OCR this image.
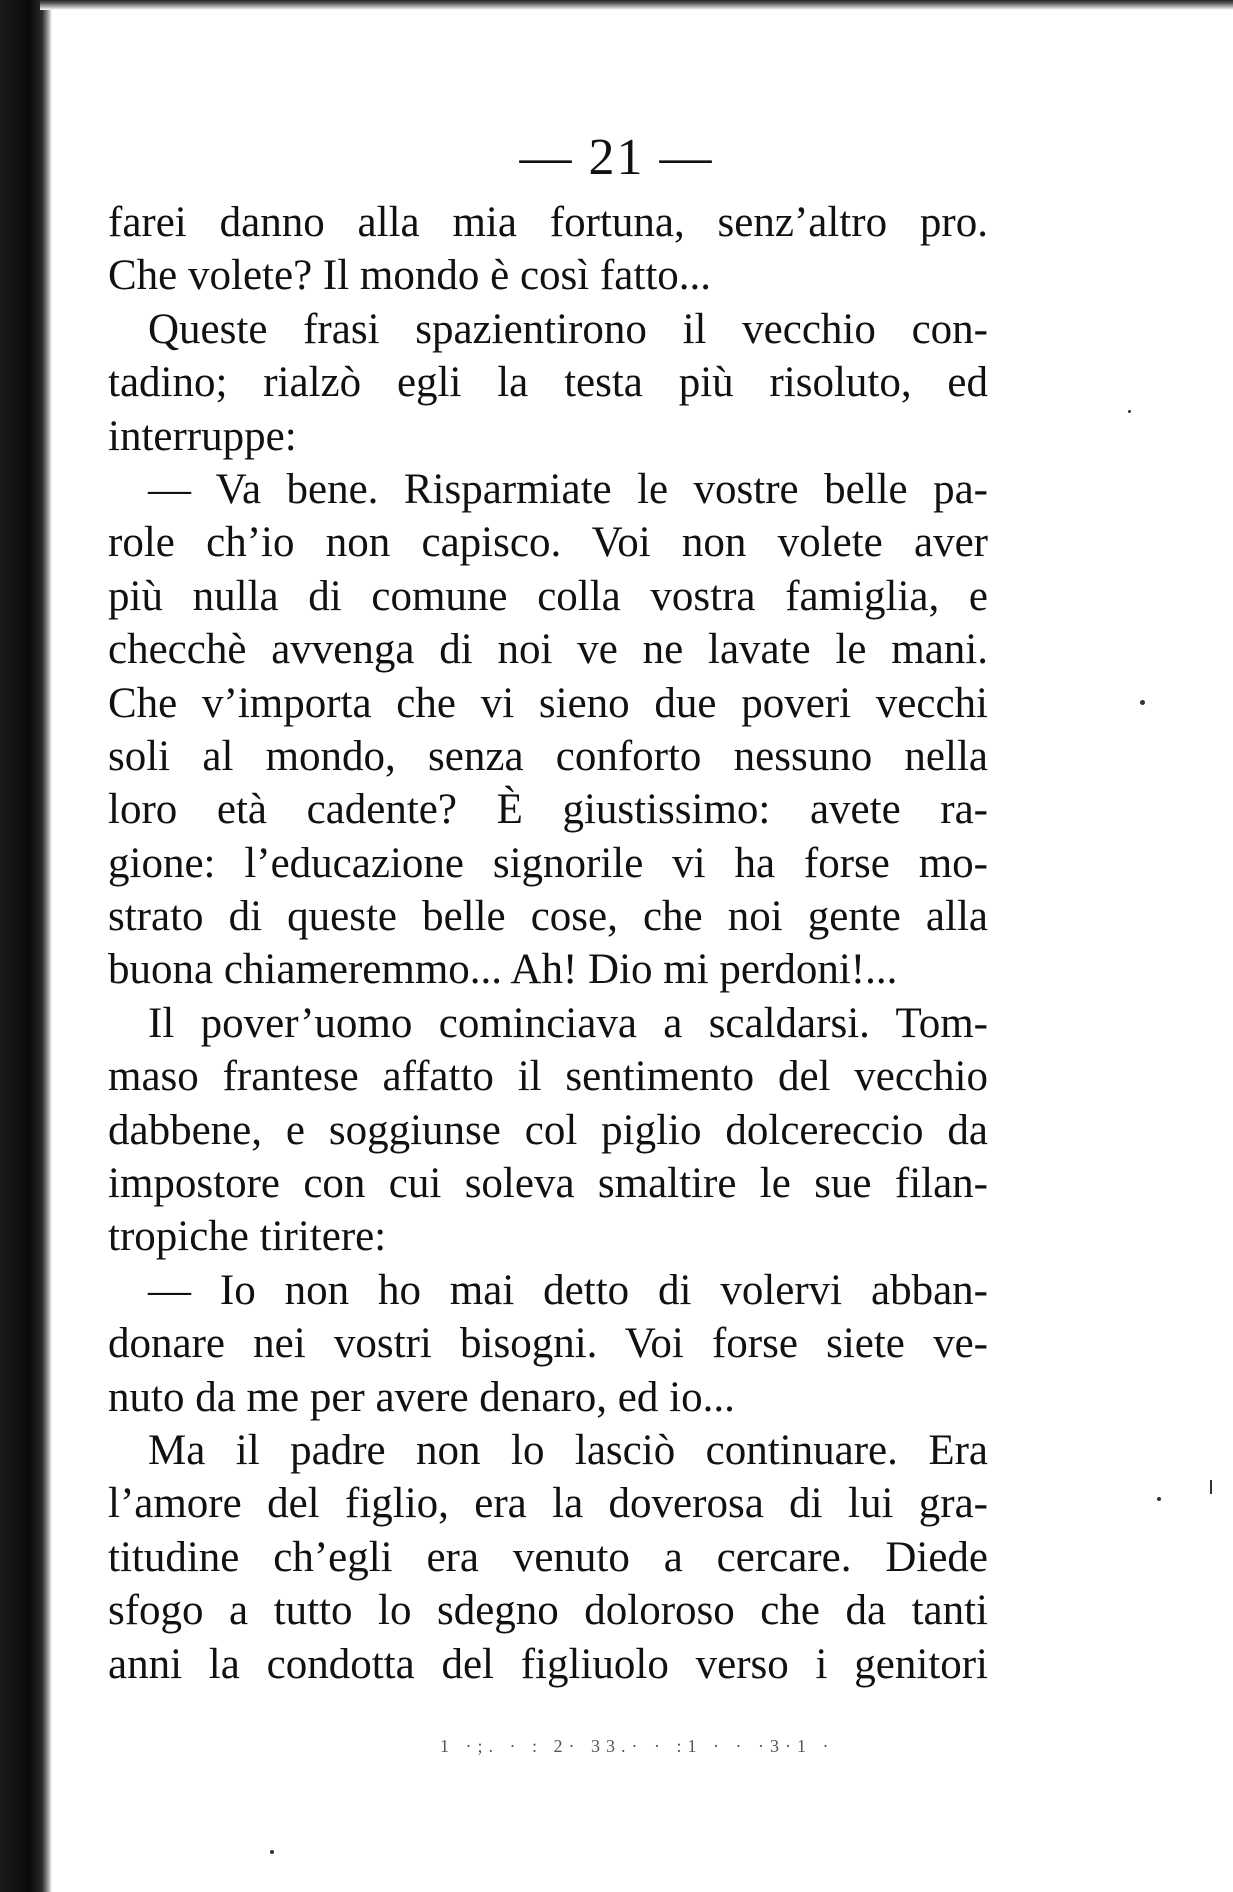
— 21 —
farei danno alla mia fortuna, senz’altro pro.
Che volete? Il mondo è così fatto...
Queste frasi spazientirono il vecchio con-
tadino; rialzò egli la testa più risoluto, ed
interruppe:
— Va bene. Risparmiate le vostre belle pa-
role ch’io non capisco. Voi non volete aver
più nulla di comune colla vostra famiglia, e
checchè avvenga di noi ve ne lavate le mani.
Che v’importa che vi sieno due poveri vecchi
soli al mondo, senza conforto nessuno nella
loro età cadente? È giustissimo: avete ra-
gione: l’educazione signorile vi ha forse mo-
strato di queste belle cose, che noi gente alla
buona chiameremmo... Ah! Dio mi perdoni!...
Il pover’uomo cominciava a scaldarsi. Tom-
maso frantese affatto il sentimento del vecchio
dabbene, e soggiunse col piglio dolcereccio da
impostore con cui soleva smaltire le sue filan-
tropiche tiritere:
— Io non ho mai detto di volervi abban-
donare nei vostri bisogni. Voi forse siete ve-
nuto da me per avere denaro, ed io...
Ma il padre non lo lasciò continuare. Era
l’amore del figlio, era la doverosa di lui gra-
titudine ch’egli era venuto a cercare. Diede
sfogo a tutto lo sdegno doloroso che da tanti
anni la condotta del figliuolo verso i genitori
1 ·;. · : 2· 33.· · :1 · · ·3·1 ·
